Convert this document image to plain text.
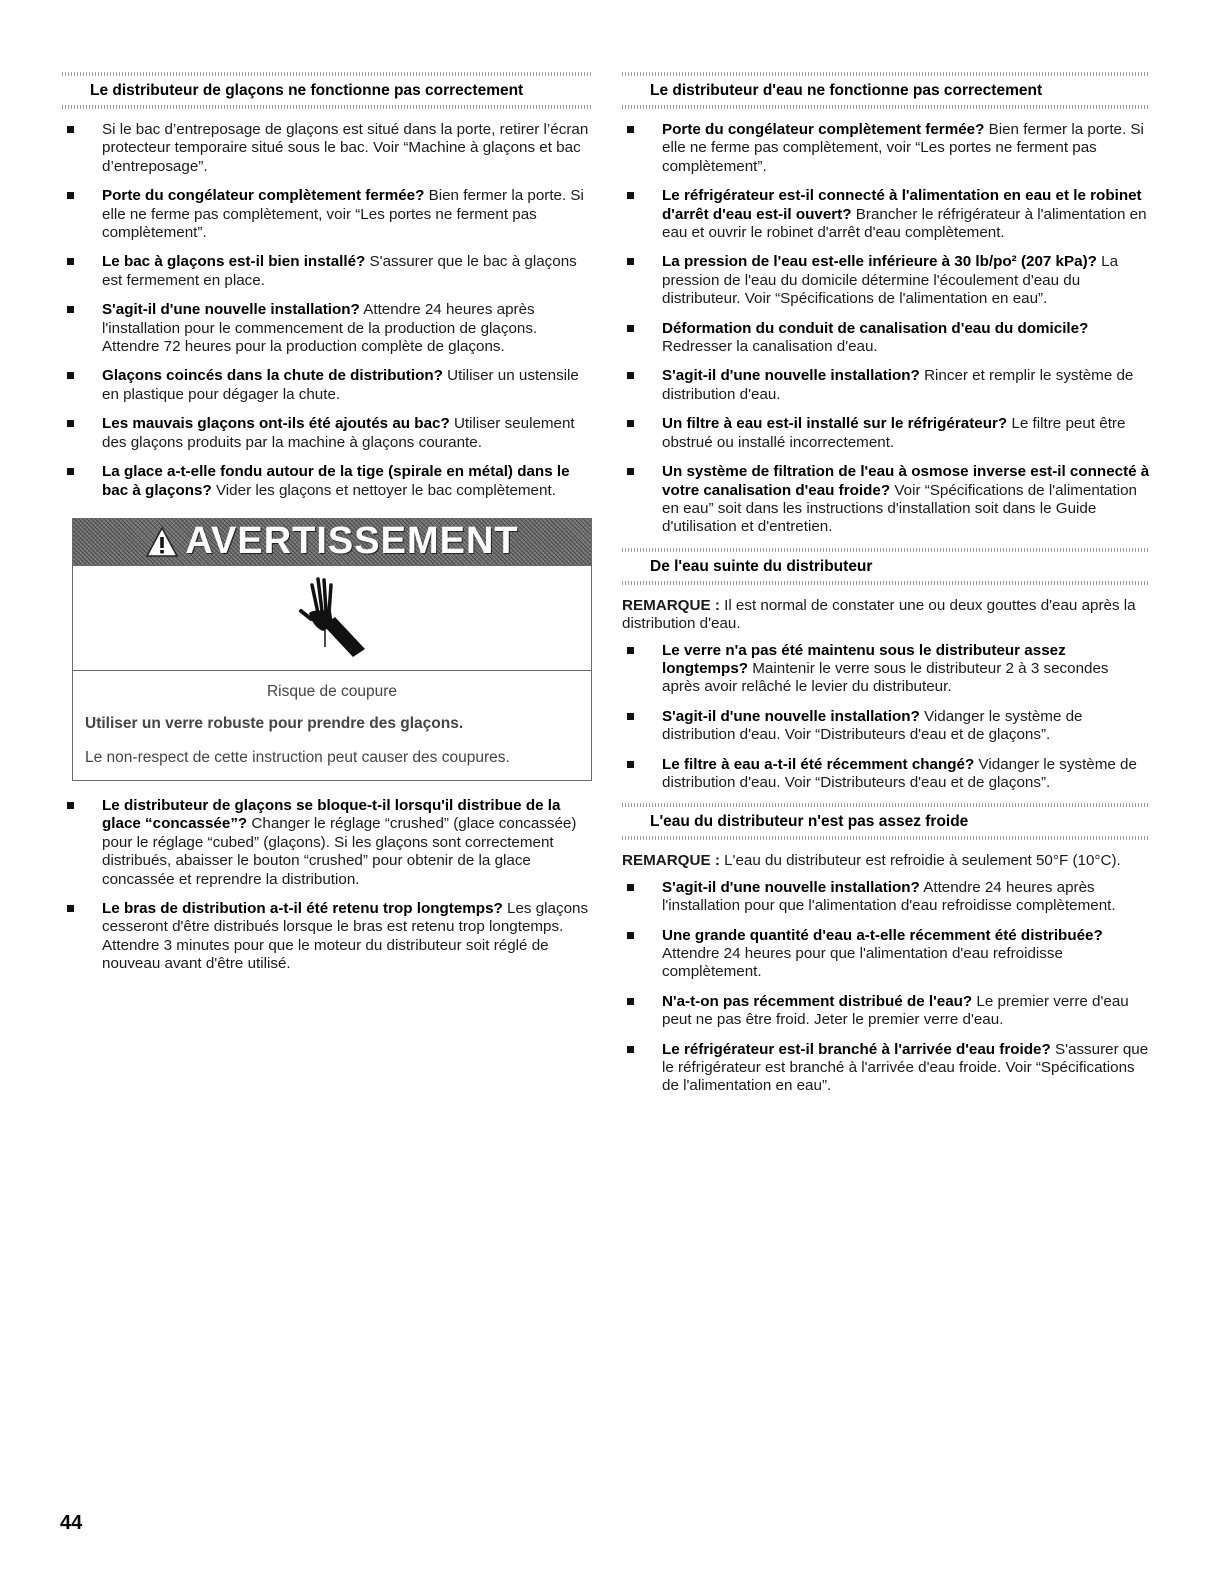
Le distributeur de glaçons ne fonctionne pas correctement
Si le bac d’entreposage de glaçons est situé dans la porte, retirer l’écran protecteur temporaire situé sous le bac. Voir “Machine à glaçons et bac d’entreposage”.
Porte du congélateur complètement fermée? Bien fermer la porte. Si elle ne ferme pas complètement, voir “Les portes ne ferment pas complètement”.
Le bac à glaçons est-il bien installé? S'assurer que le bac à glaçons est fermement en place.
S'agit-il d'une nouvelle installation? Attendre 24 heures après l'installation pour le commencement de la production de glaçons. Attendre 72 heures pour la production complète de glaçons.
Glaçons coincés dans la chute de distribution? Utiliser un ustensile en plastique pour dégager la chute.
Les mauvais glaçons ont-ils été ajoutés au bac? Utiliser seulement des glaçons produits par la machine à glaçons courante.
La glace a-t-elle fondu autour de la tige (spirale en métal) dans le bac à glaçons? Vider les glaçons et nettoyer le bac complètement.
AVERTISSEMENT

Risque de coupure

Utiliser un verre robuste pour prendre des glaçons.

Le non-respect de cette instruction peut causer des coupures.

Le distributeur de glaçons se bloque-t-il lorsqu'il distribue de la glace “concassée”? Changer le réglage “crushed” (glace concassée) pour le réglage “cubed” (glaçons). Si les glaçons sont correctement distribués, abaisser le bouton “crushed” pour obtenir de la glace concassée et reprendre la distribution.
Le bras de distribution a-t-il été retenu trop longtemps? Les glaçons cesseront d'être distribués lorsque le bras est retenu trop longtemps. Attendre 3 minutes pour que le moteur du distributeur soit réglé de nouveau avant d'être utilisé.
Le distributeur d'eau ne fonctionne pas correctement
Porte du congélateur complètement fermée? Bien fermer la porte. Si elle ne ferme pas complètement, voir “Les portes ne ferment pas complètement”.
Le réfrigérateur est-il connecté à l'alimentation en eau et le robinet d'arrêt d'eau est-il ouvert? Brancher le réfrigérateur à l'alimentation en eau et ouvrir le robinet d'arrêt d'eau complètement.
La pression de l'eau est-elle inférieure à 30 lb/po² (207 kPa)? La pression de l'eau du domicile détermine l'écoulement d'eau du distributeur. Voir “Spécifications de l'alimentation en eau”.
Déformation du conduit de canalisation d'eau du domicile? Redresser la canalisation d'eau.
S'agit-il d'une nouvelle installation? Rincer et remplir le système de distribution d'eau.
Un filtre à eau est-il installé sur le réfrigérateur? Le filtre peut être obstrué ou installé incorrectement.
Un système de filtration de l'eau à osmose inverse est-il connecté à votre canalisation d'eau froide? Voir “Spécifications de l'alimentation en eau” soit dans les instructions d'installation soit dans le Guide d'utilisation et d'entretien.
De l'eau suinte du distributeur

REMARQUE : Il est normal de constater une ou deux gouttes d'eau après la distribution d'eau.

Le verre n'a pas été maintenu sous le distributeur assez longtemps? Maintenir le verre sous le distributeur 2 à 3 secondes après avoir relâché le levier du distributeur.
S'agit-il d'une nouvelle installation? Vidanger le système de distribution d'eau. Voir “Distributeurs d'eau et de glaçons”.
Le filtre à eau a-t-il été récemment changé? Vidanger le système de distribution d'eau. Voir “Distributeurs d'eau et de glaçons”.
L'eau du distributeur n'est pas assez froide

REMARQUE : L'eau du distributeur est refroidie à seulement 50°F (10°C).

S'agit-il d'une nouvelle installation? Attendre 24 heures après l'installation pour que l'alimentation d'eau refroidisse complètement.
Une grande quantité d'eau a-t-elle récemment été distribuée? Attendre 24 heures pour que l'alimentation d'eau refroidisse complètement.
N'a-t-on pas récemment distribué de l'eau? Le premier verre d'eau peut ne pas être froid. Jeter le premier verre d'eau.
Le réfrigérateur est-il branché à l'arrivée d'eau froide? S'assurer que le réfrigérateur est branché à l'arrivée d'eau froide. Voir “Spécifications de l'alimentation en eau”.
44
